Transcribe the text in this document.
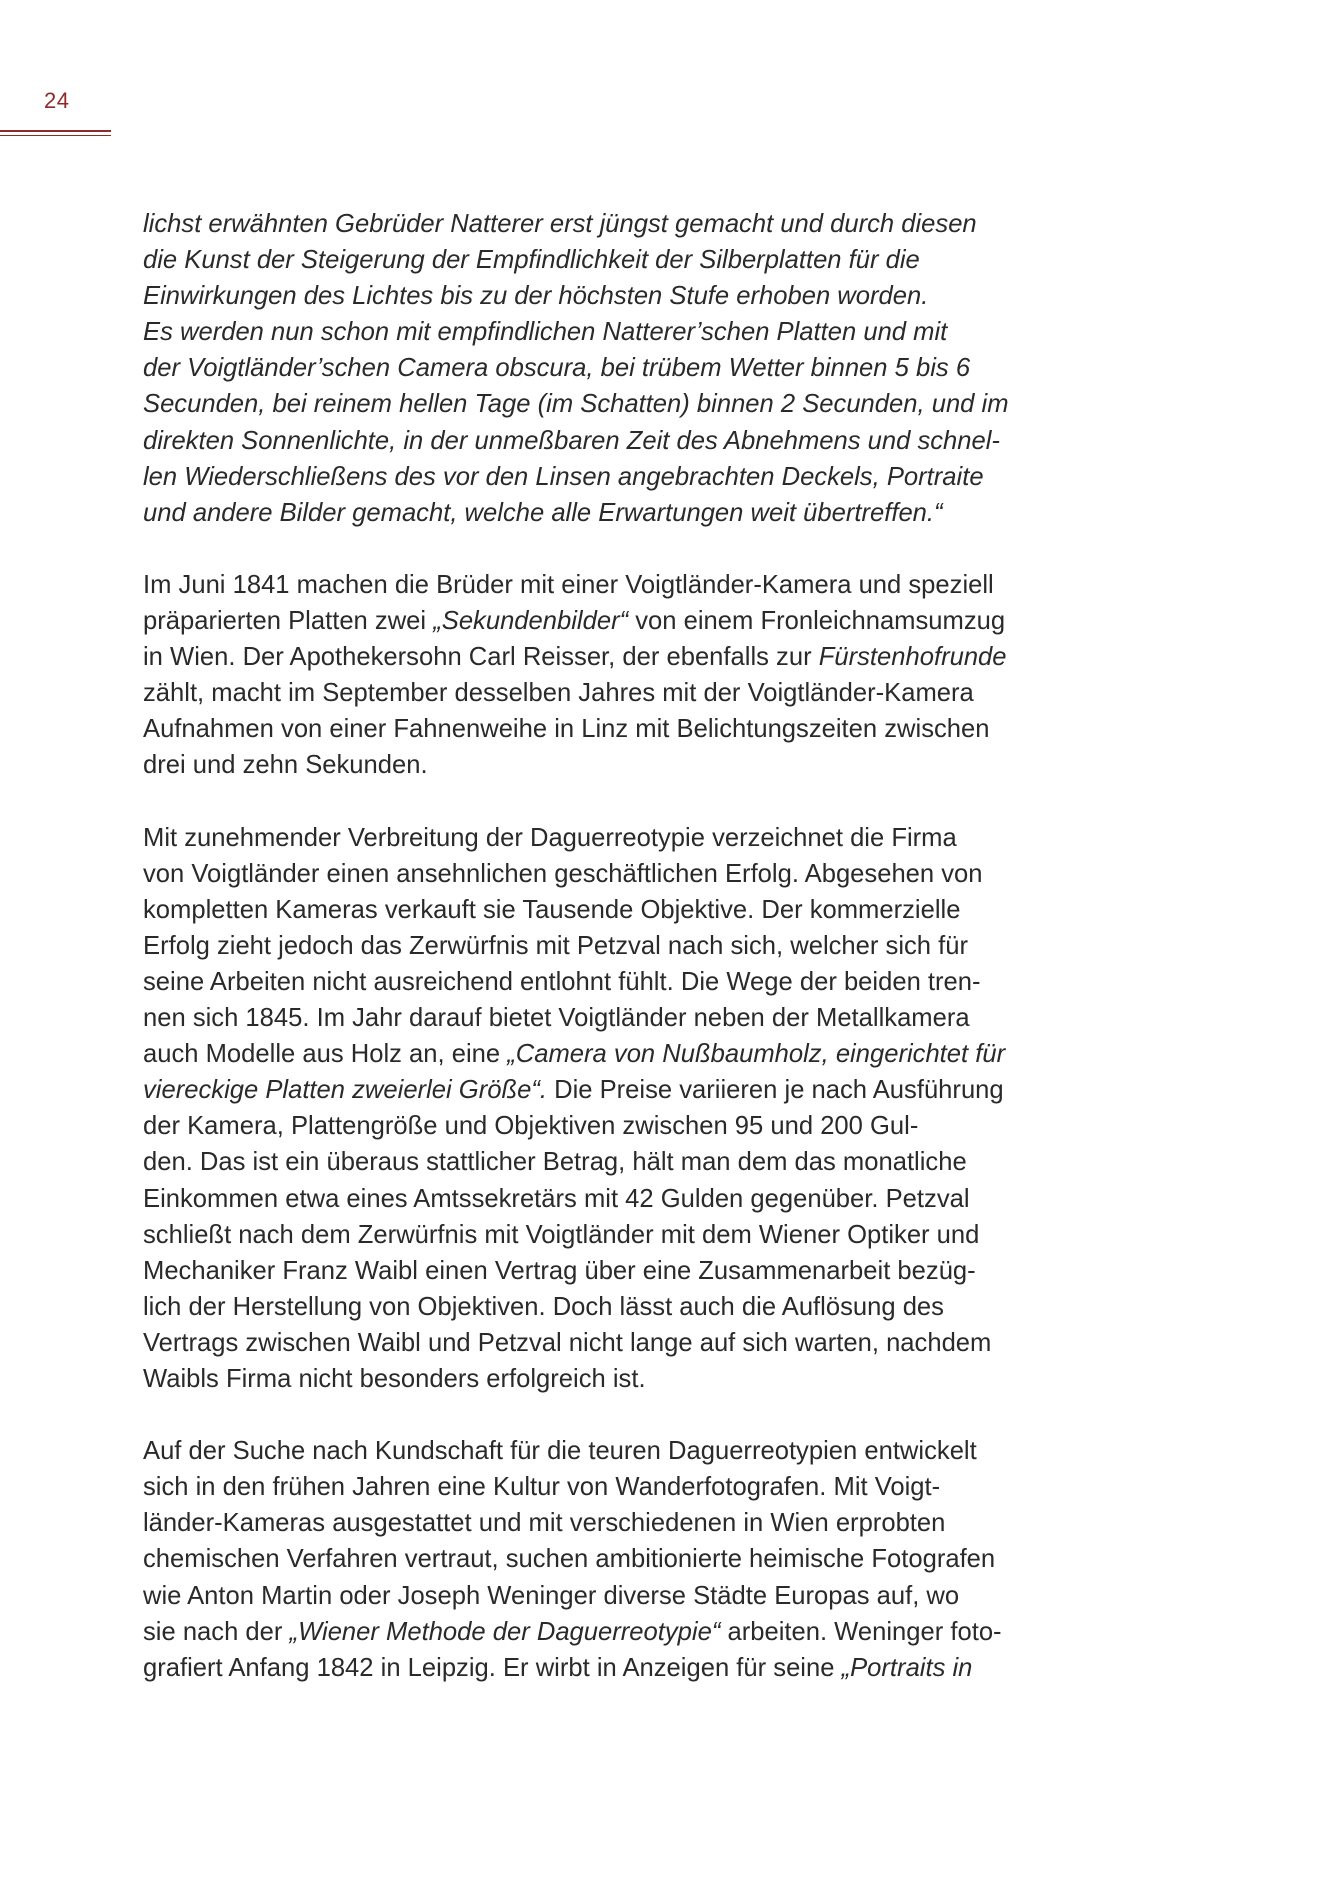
24
lichst erwähnten Gebrüder Natterer erst jüngst gemacht und durch diesen
die Kunst der Steigerung der Empfindlichkeit der Silberplatten für die
Einwirkungen des Lichtes bis zu der höchsten Stufe erhoben worden.
Es werden nun schon mit empfindlichen Natterer’schen Platten und mit
der Voigtländer’schen Camera obscura, bei trübem Wetter binnen 5 bis 6
Secunden, bei reinem hellen Tage (im Schatten) binnen 2 Secunden, und im
direkten Sonnenlichte, in der unmeßbaren Zeit des Abnehmens und schnel-
len Wiederschließens des vor den Linsen angebrachten Deckels, Portraite
und andere Bilder gemacht, welche alle Erwartungen weit übertreffen.“

Im Juni 1841 machen die Brüder mit einer Voigtländer-Kamera und speziell
präparierten Platten zwei „Sekundenbilder“ von einem Fronleichnamsumzug
in Wien. Der Apothekersohn Carl Reisser, der ebenfalls zur Fürstenhofrunde
zählt, macht im September desselben Jahres mit der Voigtländer-Kamera
Aufnahmen von einer Fahnenweihe in Linz mit Belichtungszeiten zwischen
drei und zehn Sekunden.

Mit zunehmender Verbreitung der Daguerreotypie verzeichnet die Firma
von Voigtländer einen ansehnlichen geschäftlichen Erfolg. Abgesehen von
kompletten Kameras verkauft sie Tausende Objektive. Der kommerzielle
Erfolg zieht jedoch das Zerwürfnis mit Petzval nach sich, welcher sich für
seine Arbeiten nicht ausreichend entlohnt fühlt. Die Wege der beiden tren-
nen sich 1845. Im Jahr darauf bietet Voigtländer neben der Metallkamera
auch Modelle aus Holz an, eine „Camera von Nußbaumholz, eingerichtet für
viereckige Platten zweierlei Größe“. Die Preise variieren je nach Ausführung
der Kamera, Plattengröße und Objektiven zwischen 95 und 200 Gul-
den. Das ist ein überaus stattlicher Betrag, hält man dem das monatliche
Einkommen etwa eines Amtssekretärs mit 42 Gulden gegenüber. Petzval
schließt nach dem Zerwürfnis mit Voigtländer mit dem Wiener Optiker und
Mechaniker Franz Waibl einen Vertrag über eine Zusammenarbeit bezüg-
lich der Herstellung von Objektiven. Doch lässt auch die Auflösung des
Vertrags zwischen Waibl und Petzval nicht lange auf sich warten, nachdem
Waibls Firma nicht besonders erfolgreich ist.

Auf der Suche nach Kundschaft für die teuren Daguerreotypien entwickelt
sich in den frühen Jahren eine Kultur von Wanderfotografen. Mit Voigt-
länder-Kameras ausgestattet und mit verschiedenen in Wien erprobten
chemischen Verfahren vertraut, suchen ambitionierte heimische Fotografen
wie Anton Martin oder Joseph Weninger diverse Städte Europas auf, wo
sie nach der „Wiener Methode der Daguerreotypie“ arbeiten. Weninger foto-
grafiert Anfang 1842 in Leipzig. Er wirbt in Anzeigen für seine „Portraits in
